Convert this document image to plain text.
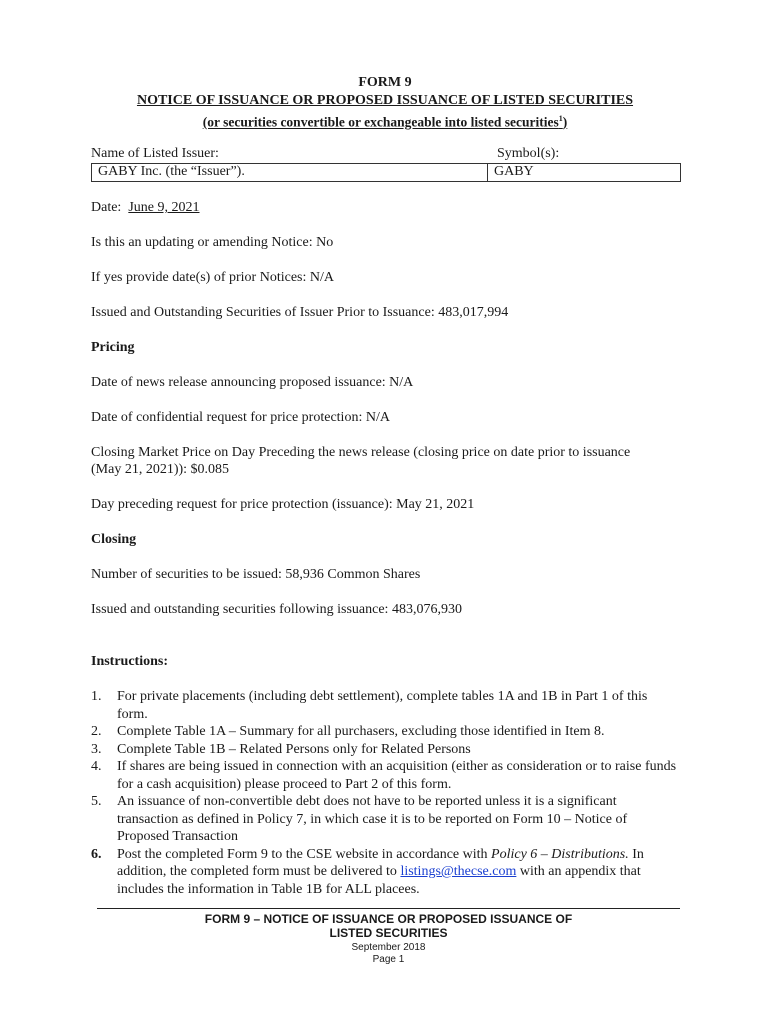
FORM 9
NOTICE OF ISSUANCE OR PROPOSED ISSUANCE OF LISTED SECURITIES
(or securities convertible or exchangeable into listed securities$^1$)
Name of Listed Issuer:	Symbol(s):
GABY Inc. (the “Issuer”).	GABY
Date: June 9, 2021
Is this an updating or amending Notice: No
If yes provide date(s) of prior Notices: N/A
Issued and Outstanding Securities of Issuer Prior to Issuance: 483,017,994
Pricing
Date of news release announcing proposed issuance: N/A
Date of confidential request for price protection: N/A
Closing Market Price on Day Preceding the news release (closing price on date prior to issuance
(May 21, 2021)): $0.085
Day preceding request for price protection (issuance): May 21, 2021
Closing
Number of securities to be issued: 58,936 Common Shares
Issued and outstanding securities following issuance: 483,076,930
Instructions:
1.	For private placements (including debt settlement), complete tables 1A and 1B in Part 1 of this form.
2.	Complete Table 1A – Summary for all purchasers, excluding those identified in Item 8.
3.	Complete Table 1B – Related Persons only for Related Persons
4.	If shares are being issued in connection with an acquisition (either as consideration or to raise funds for a cash acquisition) please proceed to Part 2 of this form.
5.	An issuance of non-convertible debt does not have to be reported unless it is a significant transaction as defined in Policy 7, in which case it is to be reported on Form 10 – Notice of Proposed Transaction
6.	Post the completed Form 9 to the CSE website in accordance with Policy 6 – Distributions. In addition, the completed form must be delivered to listings@thecse.com with an appendix that includes the information in Table 1B for ALL placees.
FORM 9 – NOTICE OF ISSUANCE OR PROPOSED ISSUANCE OF
LISTED SECURITIES
September 2018
Page 1
